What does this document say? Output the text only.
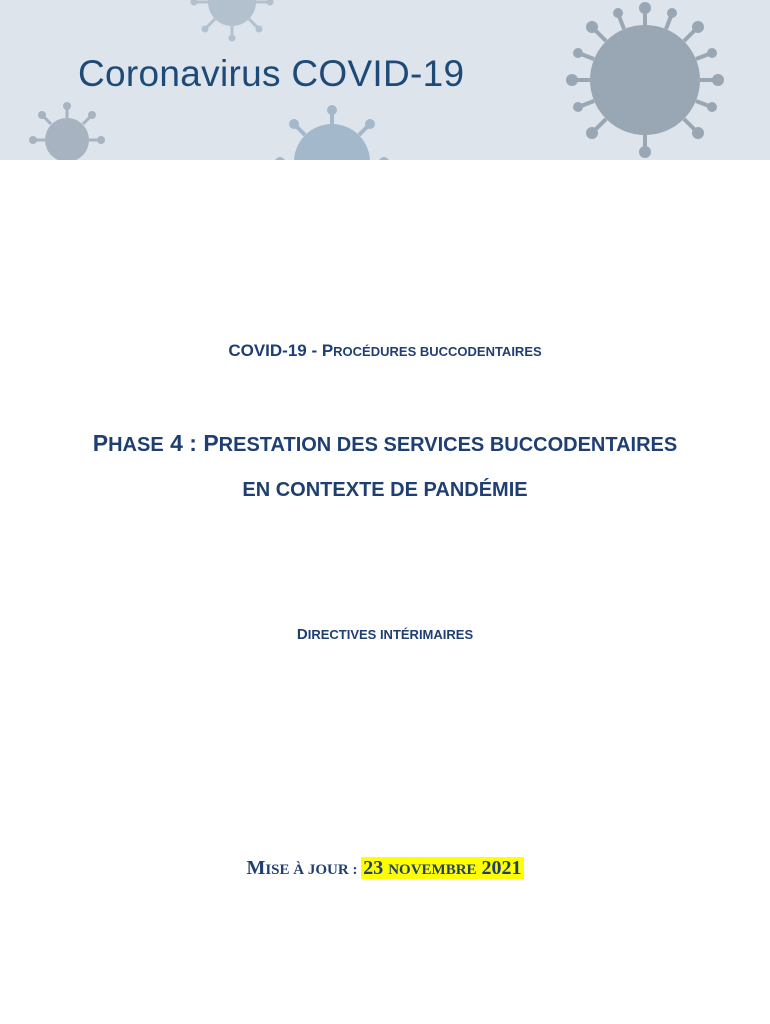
Coronavirus COVID-19
COVID-19 - PROCÉDURES BUCCODENTAIRES
PHASE 4 : PRESTATION DES SERVICES BUCCODENTAIRES
EN CONTEXTE DE PANDÉMIE
DIRECTIVES INTÉRIMAIRES
MISE À JOUR : 23 NOVEMBRE 2021
